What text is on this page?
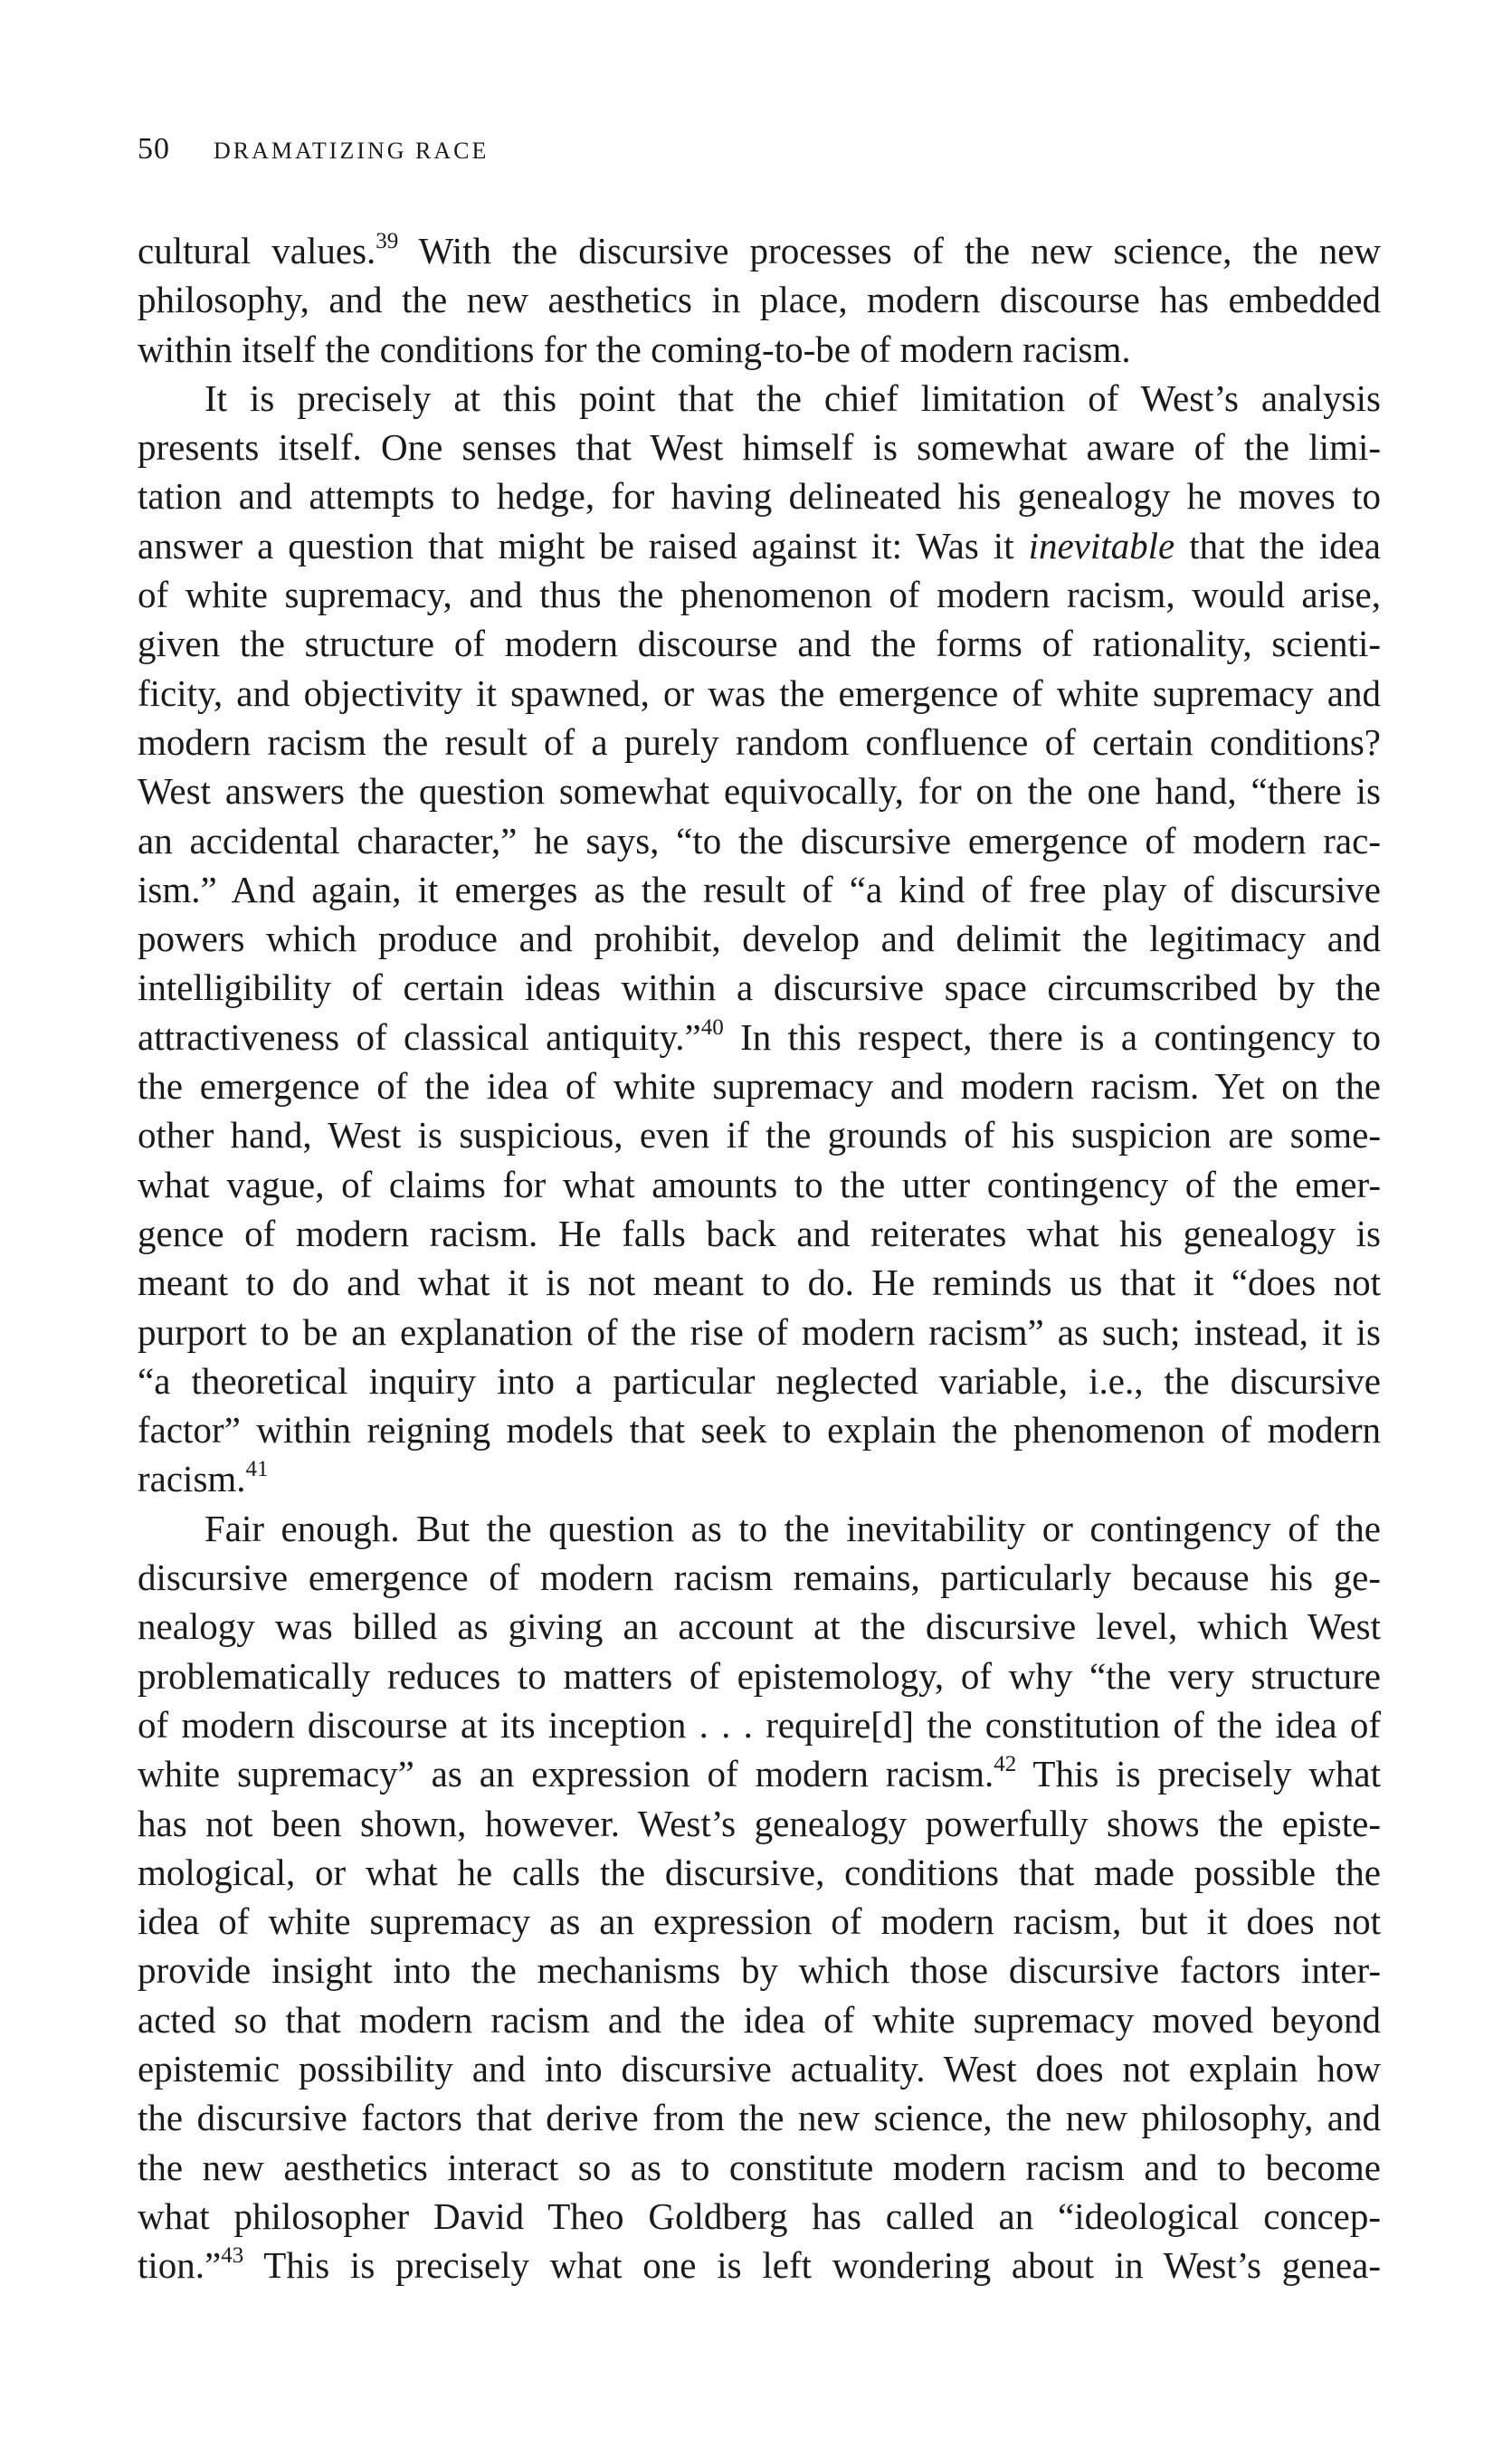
50 DRAMATIZING RACE
cultural values.$^{39}$ With the discursive processes of the new science, the new
philosophy, and the new aesthetics in place, modern discourse has embedded
within itself the conditions for the coming-to-be of modern racism.
It is precisely at this point that the chief limitation of West’s analysis
presents itself. One senses that West himself is somewhat aware of the limi-
tation and attempts to hedge, for having delineated his genealogy he moves to
answer a question that might be raised against it: Was it inevitable that the idea
of white supremacy, and thus the phenomenon of modern racism, would arise,
given the structure of modern discourse and the forms of rationality, scienti-
ficity, and objectivity it spawned, or was the emergence of white supremacy and
modern racism the result of a purely random confluence of certain conditions?
West answers the question somewhat equivocally, for on the one hand, “there is
an accidental character,” he says, “to the discursive emergence of modern rac-
ism.” And again, it emerges as the result of “a kind of free play of discursive
powers which produce and prohibit, develop and delimit the legitimacy and
intelligibility of certain ideas within a discursive space circumscribed by the
attractiveness of classical antiquity.”$^{40}$ In this respect, there is a contingency to
the emergence of the idea of white supremacy and modern racism. Yet on the
other hand, West is suspicious, even if the grounds of his suspicion are some-
what vague, of claims for what amounts to the utter contingency of the emer-
gence of modern racism. He falls back and reiterates what his genealogy is
meant to do and what it is not meant to do. He reminds us that it “does not
purport to be an explanation of the rise of modern racism” as such; instead, it is
“a theoretical inquiry into a particular neglected variable, i.e., the discursive
factor” within reigning models that seek to explain the phenomenon of modern
racism.$^{41}$
Fair enough. But the question as to the inevitability or contingency of the
discursive emergence of modern racism remains, particularly because his ge-
nealogy was billed as giving an account at the discursive level, which West
problematically reduces to matters of epistemology, of why “the very structure
of modern discourse at its inception . . . require[d] the constitution of the idea of
white supremacy” as an expression of modern racism.$^{42}$ This is precisely what
has not been shown, however. West’s genealogy powerfully shows the episte-
mological, or what he calls the discursive, conditions that made possible the
idea of white supremacy as an expression of modern racism, but it does not
provide insight into the mechanisms by which those discursive factors inter-
acted so that modern racism and the idea of white supremacy moved beyond
epistemic possibility and into discursive actuality. West does not explain how
the discursive factors that derive from the new science, the new philosophy, and
the new aesthetics interact so as to constitute modern racism and to become
what philosopher David Theo Goldberg has called an “ideological concep-
tion.”$^{43}$ This is precisely what one is left wondering about in West’s genea-
